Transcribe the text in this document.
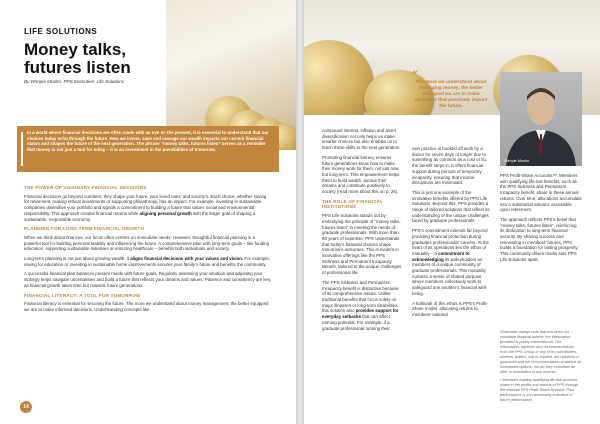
LIFE SOLUTIONS
Money talks, futures listen
By Wimpie Moolm, PPS Executive: Life Solutions
In a world where financial decisions are often made with an eye on the present, it is essential to understand that our choices today echo through the future. How we invest, save and manage our wealth impacts our current financial status and shapes the future of the next generation. The phrase “money talks, futures listen” serves as a reminder that money is not just a tool for today – it is an investment in the possibilities of tomorrow.
THE POWER OF VISIONARY FINANCIAL DECISIONS

Financial decisions go beyond numbers; they shape your future, your loved ones’ and society’s. Each choice, whether saving for retirement, making ethical investments or supporting philanthropy, has an impact. For example, investing in sustainable companies diversifies your portfolio and signals a commitment to building a future that values social and environmental responsibility. This approach creates financial returns while aligning personal growth with the larger goal of shaping a sustainable, responsible economy.

PLANNING FOR LONG-TERM FINANCIAL GROWTH

When we think about finances, our focus often centres on immediate needs. However, thoughtful financial planning is a powerful tool for building personal stability and influencing the future. A comprehensive plan with long-term goals – like funding education, supporting sustainable initiatives or ensuring healthcare – benefits both individuals and society.

Long-term planning is not just about growing wealth; it aligns financial decisions with your values and vision. For example, saving for education or investing in sustainable home improvements secures your family’s future and benefits the community.

A successful financial plan balances present needs with future goals. Regularly assessing your situation and adjusting your strategy helps navigate uncertainties and build a future that reflects your dreams and values. Patience and consistency are key, as financial growth takes time but rewards future generations.

FINANCIAL LITERACY: A TOOL FOR TOMORROW

Financial literacy is essential for securing the future. The more we understand about money management, the better equipped we are to make informed decisions. Understanding concepts like

14
“
The more we understand about managing money, the better equipped we are to make decisions that positively impact the future.
Wimpie Moolm

compound interest, inflation and asset diversification not only helps us make smarter choices but also enables us to teach these skills to the next generation.

Promoting financial literacy ensures future generations know how to make their money work for them, not just now but long-term. This empowerment helps them to build wealth, pursue their dreams and contribute positively to society (read more about this on p. 26).

THE ROLE OF FINANCIAL INSTITUTIONS

PPS Life Solutions stands out by embodying the principle of “money talks, futures listen” in meeting the needs of graduate professionals. With more than 80 years of expertise, PPS understands that today’s financial choices shape tomorrow’s outcomes. This is evident in innovative offerings like the PPS Sickness and Permanent Incapacity Benefit, tailored to the unique challenges of professional life.

The PPS Sickness and Permanent Incapacity benefit is distinctive because of its comprehensive nature. Unlike traditional benefits that focus solely on major illnesses or long-term disabilities, this solution also provides support for everyday setbacks that can affect earning potential. For example, if a graduate professional running their

own practice is booked off work by a doctor for seven days or longer due to something as common as a cold or flu, the benefit steps in. It offers financial support during periods of temporary incapacity, ensuring that income disruptions are minimised.

This is just one example of the innovative benefits offered by PPS Life Solutions. Beyond this, PPS provides a range of tailored solutions that reflect its understanding of the unique challenges faced by graduate professionals.

PPS’s commitment extends far beyond providing financial protection during graduates professionals’ careers. At the heart of its operations lies the ethos of mutuality – a commitment to acknowledging its policyholders as members of a unique community of graduate professionals. This mutuality nurtures a sense of shared purpose, where members collectively work to safeguard one another’s financial well-being.

A hallmark of this ethos is PPS’s Profit-Share model, allocating returns to members’ notional

PPS Profit-Share Accounts™. Members with qualifying life-risk benefits, such as the PPS Sickness and Permanent Incapacity benefit, share in these annual returns. Over time, allocations accumulate into a substantial amount, accessible upon retirement.

The approach reflects PPS’s belief that “money talks, futures listen”, reinforcing its dedication to long-term financial security. By sharing success and reinvesting in members’ futures, PPS builds a foundation for lasting prosperity. This community-driven model sets PPS Life Solutions apart.

Graduates always note that this does not constitute financial advice; the information provided is purely informational. The information, opinions and recommendations from the PPS Group or any of its subsidiaries, whether written, oral or implied, are opinions or proposals and not recommendation or advice on investment options, nor do they constitute an offer or solicitation in any manner.

* Members holding qualifying life-risk products share in the profits and returns of PPS through the notional PPS Profit-Share Account. Past performance is not necessarily indicative of future performance.
